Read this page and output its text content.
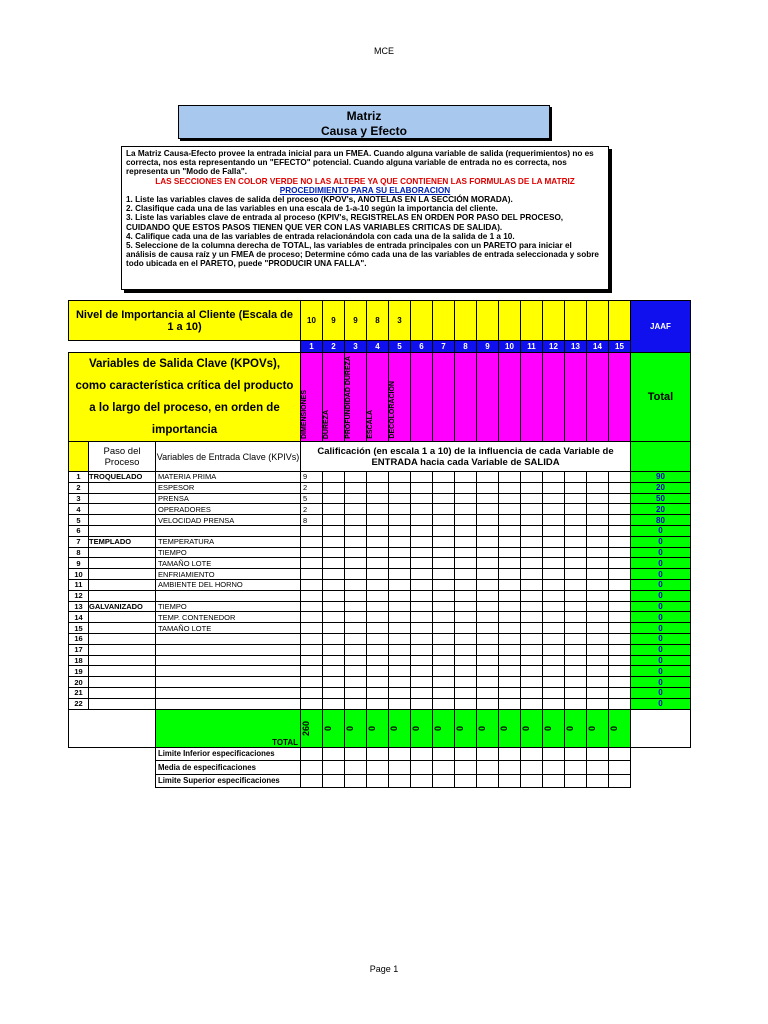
MCE
Matriz
Causa y Efecto

La Matriz Causa-Efecto provee la entrada inicial para un FMEA. Cuando alguna variable de salida (requerimientos) no es correcta, nos esta representando un "EFECTO" potencial. Cuando alguna variable de entrada no es correcta, nos representa un "Modo de Falla".

LAS SECCIONES EN COLOR VERDE NO LAS ALTERE YA QUE CONTIENEN LAS FORMULAS DE LA MATRIZ

PROCEDIMIENTO PARA SU ELABORACION

1. Liste las variables claves de salida del proceso (KPOV's, ANOTELAS EN LA SECCIÓN MORADA).

2. Clasifique cada una de las variables en una escala de 1-a-10 según la importancia del cliente.

3. Liste las variables clave de entrada al proceso (KPIV's, REGISTRELAS EN ORDEN POR PASO DEL PROCESO, CUIDANDO QUE ESTOS PASOS TIENEN QUE VER CON LAS VARIABLES CRITICAS DE SALIDA).

4. Califique cada una de las variables de entrada relacionándola con cada una de la salida de 1 a 10.

5. Seleccione de la columna derecha de TOTAL, las variables de entrada principales con un PARETO para iniciar el análisis de causa raíz y un FMEA de proceso; Determine cómo cada una de las variables de entrada seleccionada y sobre todo ubicada en el PARETO, puede "PRODUCIR UNA FALLA".

Nivel de Importancia al Cliente (Escala de 1 a 10)			10	9	9	8	3											JAAF
			1	2	3	4	5	6	7	8	9	10	11	12	13	14	15	
Variables de Salida Clave (KPOVs), como característica crítica del producto a lo largo del proceso, en orden de importancia			DIMENSIONES	DUREZA	PROFUNDIDAD DUREZA	ESCALA	DECOLORACION											Total
	Paso del Proceso	Variables de Entrada Clave (KPIVs)	Calificación (en escala 1 a 10) de la influencia de cada Variable de ENTRADA hacia cada Variable de SALIDA															
1	TROQUELADO	MATERIA PRIMA	9															90
2		ESPESOR	2															20
3		PRENSA	5															50
4		OPERADORES	2															20
5		VELOCIDAD PRENSA	8															80
6																		0
7	TEMPLADO	TEMPERATURA																0
8		TIEMPO																0
9		TAMAÑO LOTE																0
10		ENFRIAMIENTO																0
11		AMBIENTE DEL HORNO																0
12																		0
13	GALVANIZADO	TIEMPO																0
14		TEMP. CONTENEDOR																0
15		TAMAÑO LOTE																0
16																		0
17																		0
18																		0
19																		0
20																		0
21																		0
22																		0
		TOTAL	260	0	0	0	0	0	0	0	0	0	0	0	0	0	0	

		Limite Inferior especificaciones																
		Media de especificaciones																
		Limite Superior especificaciones																
Page 1
